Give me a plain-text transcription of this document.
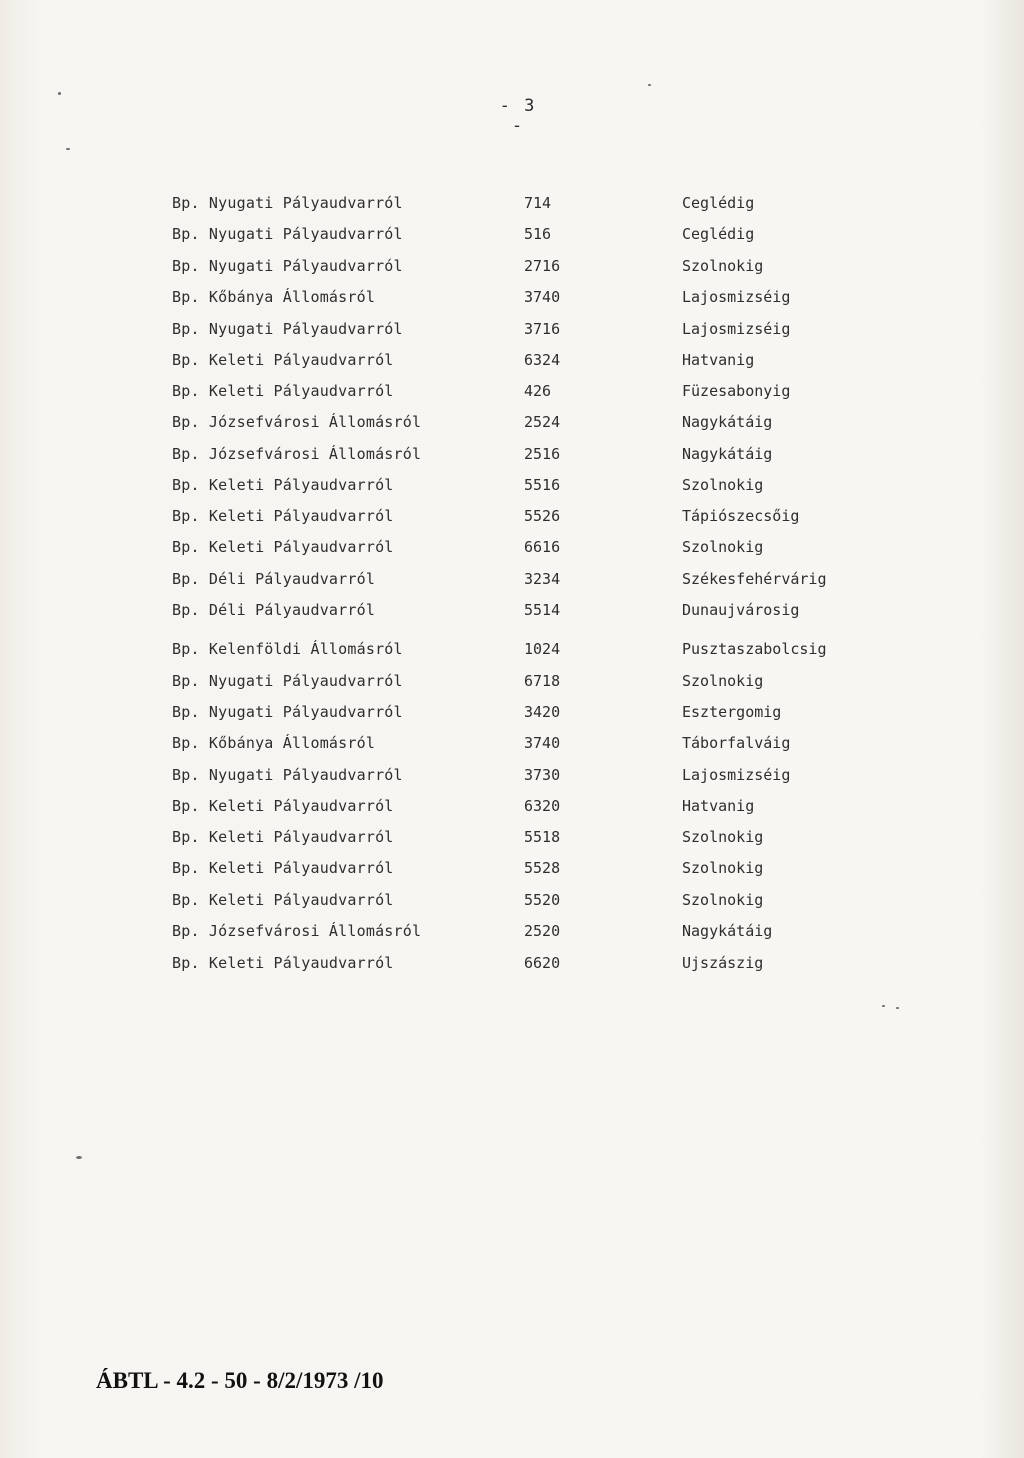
- 3 -
Bp. Nyugati Pályaudvarról	714	Ceglédig
Bp. Nyugati Pályaudvarról	516	Ceglédig
Bp. Nyugati Pályaudvarról	2716	Szolnokig
Bp. Kőbánya Állomásról	3740	Lajosmizséig
Bp. Nyugati Pályaudvarról	3716	Lajosmizséig
Bp. Keleti Pályaudvarról	6324	Hatvanig
Bp. Keleti Pályaudvarról	426	Füzesabonyig
Bp. Józsefvárosi Állomásról	2524	Nagykátáig
Bp. Józsefvárosi Állomásról	2516	Nagykátáig
Bp. Keleti Pályaudvarról	5516	Szolnokig
Bp. Keleti Pályaudvarról	5526	Tápiószecsőig
Bp. Keleti Pályaudvarról	6616	Szolnokig
Bp. Déli Pályaudvarról	3234	Székesfehérvárig
Bp. Déli Pályaudvarról	5514	Dunaujvárosig
Bp. Kelenföldi Állomásról	1024	Pusztaszabolcsig
Bp. Nyugati Pályaudvarról	6718	Szolnokig
Bp. Nyugati Pályaudvarról	3420	Esztergomig
Bp. Kőbánya Állomásról	3740	Táborfalváig
Bp. Nyugati Pályaudvarról	3730	Lajosmizséig
Bp. Keleti Pályaudvarról	6320	Hatvanig
Bp. Keleti Pályaudvarról	5518	Szolnokig
Bp. Keleti Pályaudvarról	5528	Szolnokig
Bp. Keleti Pályaudvarról	5520	Szolnokig
Bp. Józsefvárosi Állomásról	2520	Nagykátáig
Bp. Keleti Pályaudvarról	6620	Ujszászig
ÁBTL - 4.2 - 50 - 8/2/1973 /10
